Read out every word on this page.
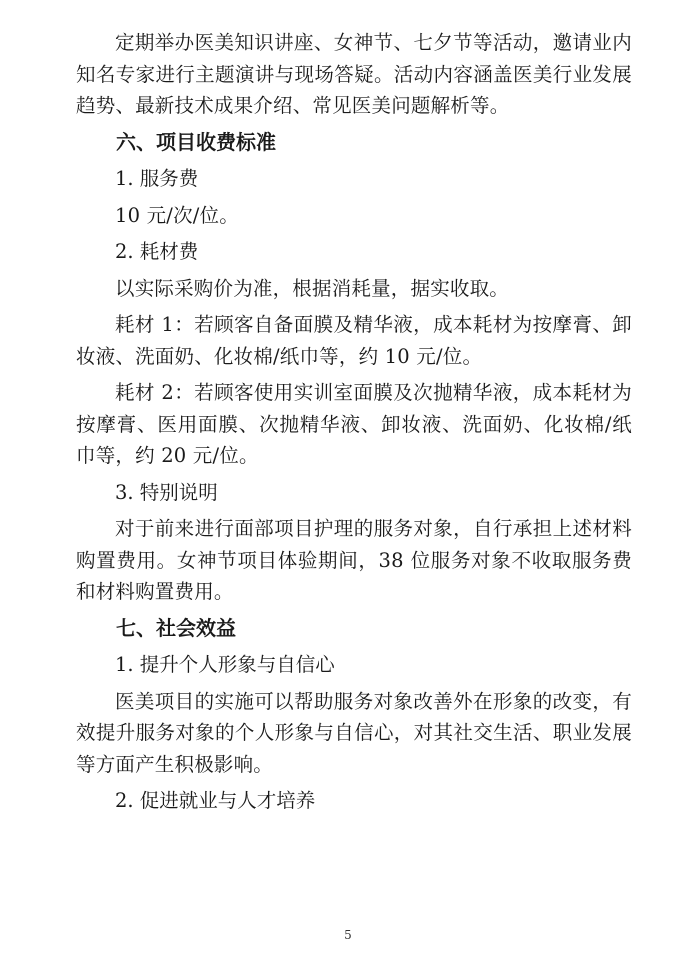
定期举办医美知识讲座、女神节、七夕节等活动，邀请业内知名专家进行主题演讲与现场答疑。活动内容涵盖医美行业发展趋势、最新技术成果介绍、常见医美问题解析等。

六、项目收费标准

1. 服务费

10 元/次/位。

2. 耗材费

以实际采购价为准，根据消耗量，据实收取。

耗材 1：若顾客自备面膜及精华液，成本耗材为按摩膏、卸妆液、洗面奶、化妆棉/纸巾等，约 10 元/位。

耗材 2：若顾客使用实训室面膜及次抛精华液，成本耗材为按摩膏、医用面膜、次抛精华液、卸妆液、洗面奶、化妆棉/纸巾等，约 20 元/位。

3. 特别说明

对于前来进行面部项目护理的服务对象，自行承担上述材料购置费用。女神节项目体验期间，38 位服务对象不收取服务费和材料购置费用。

七、社会效益

1. 提升个人形象与自信心

医美项目的实施可以帮助服务对象改善外在形象的改变，有效提升服务对象的个人形象与自信心，对其社交生活、职业发展等方面产生积极影响。

2. 促进就业与人才培养

5
